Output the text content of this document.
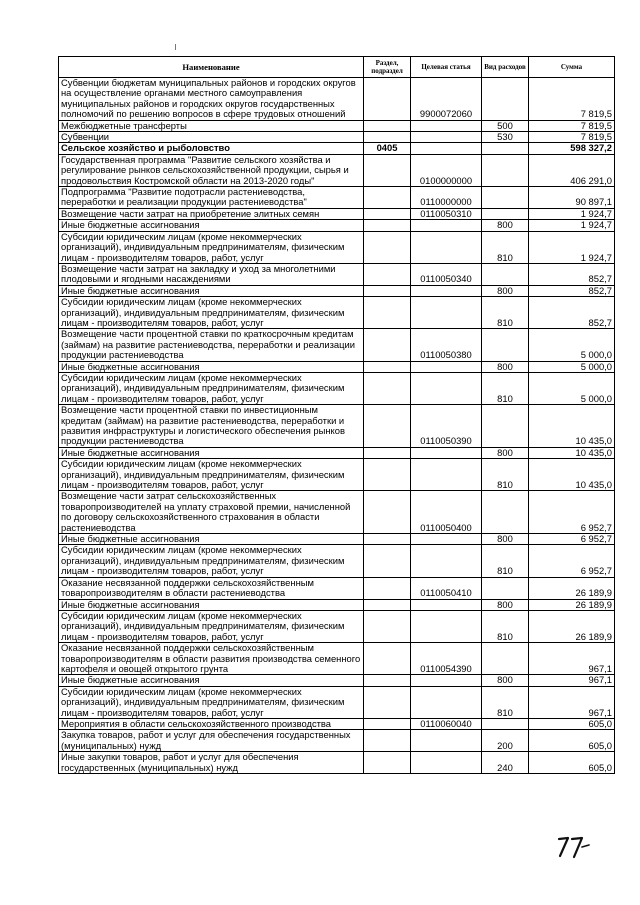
Наименование	Раздел, подраздел	Целевая статья	Вид расходов	Сумма
Субвенции бюджетам муниципальных районов и городских округов на осуществление органами местного самоуправления муниципальных районов и городских округов государственных полномочий по решению вопросов в сфере трудовых отношений		9900072060		7 819,5
Межбюджетные трансферты			500	7 819,5
Субвенции			530	7 819,5
Сельское хозяйство и рыболовство	0405			598 327,2
Государственная программа "Развитие сельского хозяйства и регулирование рынков сельскохозяйственной продукции, сырья и продовольствия Костромской области на 2013-2020 годы"		0100000000		406 291,0
Подпрограмма "Развитие подотрасли растениеводства, переработки и реализации продукции растениеводства"		0110000000		90 897,1
Возмещение части затрат на приобретение элитных семян		0110050310		1 924,7
Иные бюджетные ассигнования			800	1 924,7
Субсидии юридическим лицам (кроме некоммерческих организаций), индивидуальным предпринимателям, физическим лицам - производителям товаров, работ, услуг			810	1 924,7
Возмещение части затрат на закладку и уход за многолетними плодовыми и ягодными насаждениями		0110050340		852,7
Иные бюджетные ассигнования			800	852,7
Субсидии юридическим лицам (кроме некоммерческих организаций), индивидуальным предпринимателям, физическим лицам - производителям товаров, работ, услуг			810	852,7
Возмещение части процентной ставки по краткосрочным кредитам (займам) на развитие растениеводства, переработки и реализации продукции растениеводства		0110050380		5 000,0
Иные бюджетные ассигнования			800	5 000,0
Субсидии юридическим лицам (кроме некоммерческих организаций), индивидуальным предпринимателям, физическим лицам - производителям товаров, работ, услуг			810	5 000,0
Возмещение части процентной ставки по инвестиционным кредитам (займам) на развитие растениеводства, переработки и развития инфраструктуры и логистического обеспечения рынков продукции растениеводства		0110050390		10 435,0
Иные бюджетные ассигнования			800	10 435,0
Субсидии юридическим лицам (кроме некоммерческих организаций), индивидуальным предпринимателям, физическим лицам - производителям товаров, работ, услуг			810	10 435,0
Возмещение части затрат сельскохозяйственных товаропроизводителей на уплату страховой премии, начисленной по договору сельскохозяйственного страхования в области растениеводства		0110050400		6 952,7
Иные бюджетные ассигнования			800	6 952,7
Субсидии юридическим лицам (кроме некоммерческих организаций), индивидуальным предпринимателям, физическим лицам - производителям товаров, работ, услуг			810	6 952,7
Оказание несвязанной поддержки сельскохозяйственным товаропроизводителям в области растениеводства		0110050410		26 189,9
Иные бюджетные ассигнования			800	26 189,9
Субсидии юридическим лицам (кроме некоммерческих организаций), индивидуальным предпринимателям, физическим лицам - производителям товаров, работ, услуг			810	26 189,9
Оказание несвязанной поддержки сельскохозяйственным товаропроизводителям в области развития производства семенного картофеля и овощей открытого грунта		0110054390		967,1
Иные бюджетные ассигнования			800	967,1
Субсидии юридическим лицам (кроме некоммерческих организаций), индивидуальным предпринимателям, физическим лицам - производителям товаров, работ, услуг			810	967,1
Мероприятия в области сельскохозяйственного производства		0110060040		605,0
Закупка товаров, работ и услуг для обеспечения государственных (муниципальных) нужд			200	605,0
Иные закупки товаров, работ и услуг для обеспечения государственных (муниципальных) нужд			240	605,0
